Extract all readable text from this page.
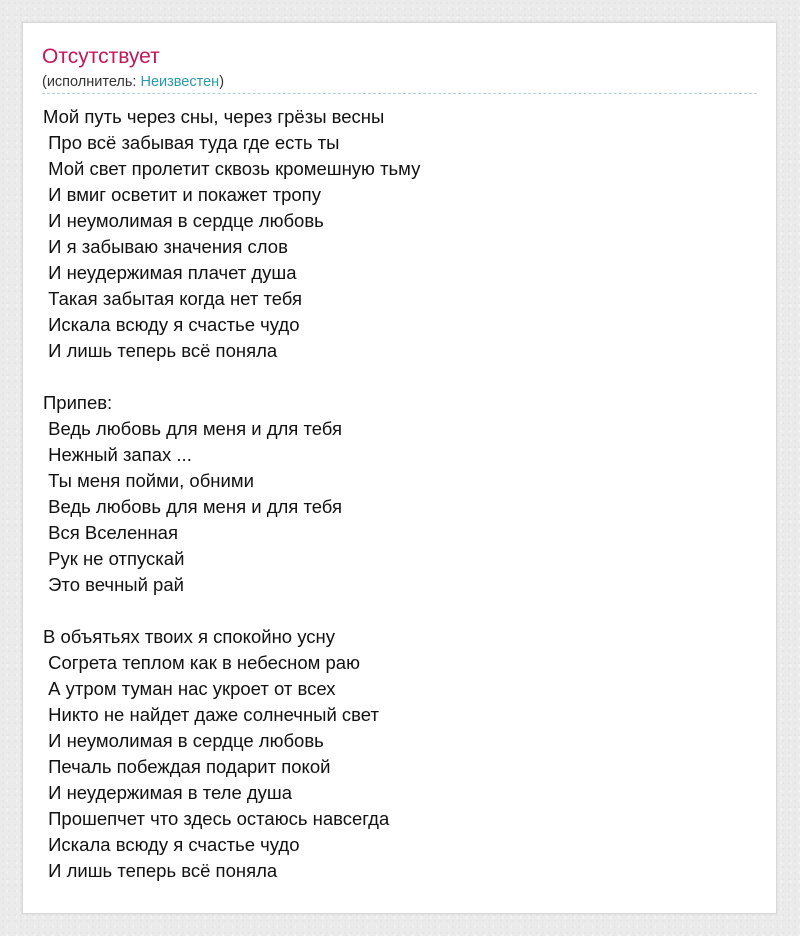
Отсутствует
(исполнитель: Неизвестен)
Мой путь через сны, через грёзы весны
Про всё забывая туда где есть ты
Мой свет пролетит сквозь кромешную тьму
И вмиг осветит и покажет тропу
И неумолимая в сердце любовь
И я забываю значения слов
И неудержимая плачет душа
Такая забытая когда нет тебя
Искала всюду я счастье чудо
И лишь теперь всё поняла
Припев:
Ведь любовь для меня и для тебя
Нежный запах ...
Ты меня пойми, обними
Ведь любовь для меня и для тебя
Вся Вселенная
Рук не отпускай
Это вечный рай
В объятьях твоих я спокойно усну
Согрета теплом как в небесном раю
А утром туман нас укроет от всех
Никто не найдет даже солнечный свет
И неумолимая в сердце любовь
Печаль побеждая подарит покой
И неудержимая в теле душа
Прошепчет что здесь остаюсь навсегда
Искала всюду я счастье чудо
И лишь теперь всё поняла
